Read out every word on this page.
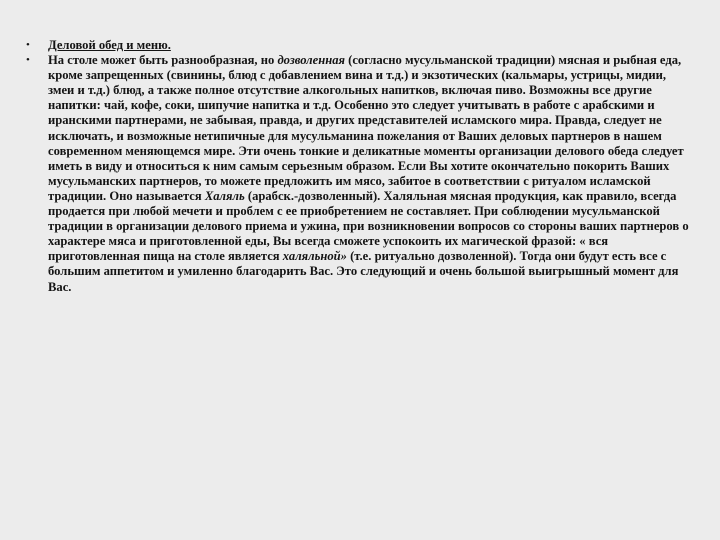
• Деловой обед и меню.
• На столе может быть разнообразная, но дозволенная (согласно мусульманской традиции) мясная и рыбная еда, кроме запрещенных (свинины, блюд с добавлением вина и т.д.) и экзотических (кальмары, устрицы, мидии, змеи и т.д.) блюд, а также полное отсутствие алкогольных напитков, включая пиво. Возможны все другие напитки: чай, кофе, соки, шипучие напитка и т.д. Особенно это следует учитывать в работе с арабскими и иранскими партнерами, не забывая, правда, и других представителей исламского мира. Правда, следует не исключать, и возможные нетипичные для мусульманина пожелания от Ваших деловых партнеров в нашем современном меняющемся мире. Эти очень тонкие и деликатные моменты организации делового обеда следует иметь в виду и относиться к ним самым серьезным образом. Если Вы хотите окончательно покорить Ваших мусульманских партнеров, то можете предложить им мясо, забитое в соответствии с ритуалом исламской традиции. Оно называется Халяль (арабск.-дозволенный). Халяльная мясная продукция, как правило, всегда продается при любой мечети и проблем с ее приобретением не составляет. При соблюдении мусульманской традиции в организации делового приема и ужина, при возникновении вопросов со стороны ваших партнеров о характере мяса и приготовленной еды, Вы всегда сможете успокоить их магической фразой: « вся приготовленная пища на столе является халяльной» (т.е. ритуально дозволенной). Тогда они будут есть все с большим аппетитом и умиленно благодарить Вас. Это следующий и очень большой выигрышный момент для Вас.
